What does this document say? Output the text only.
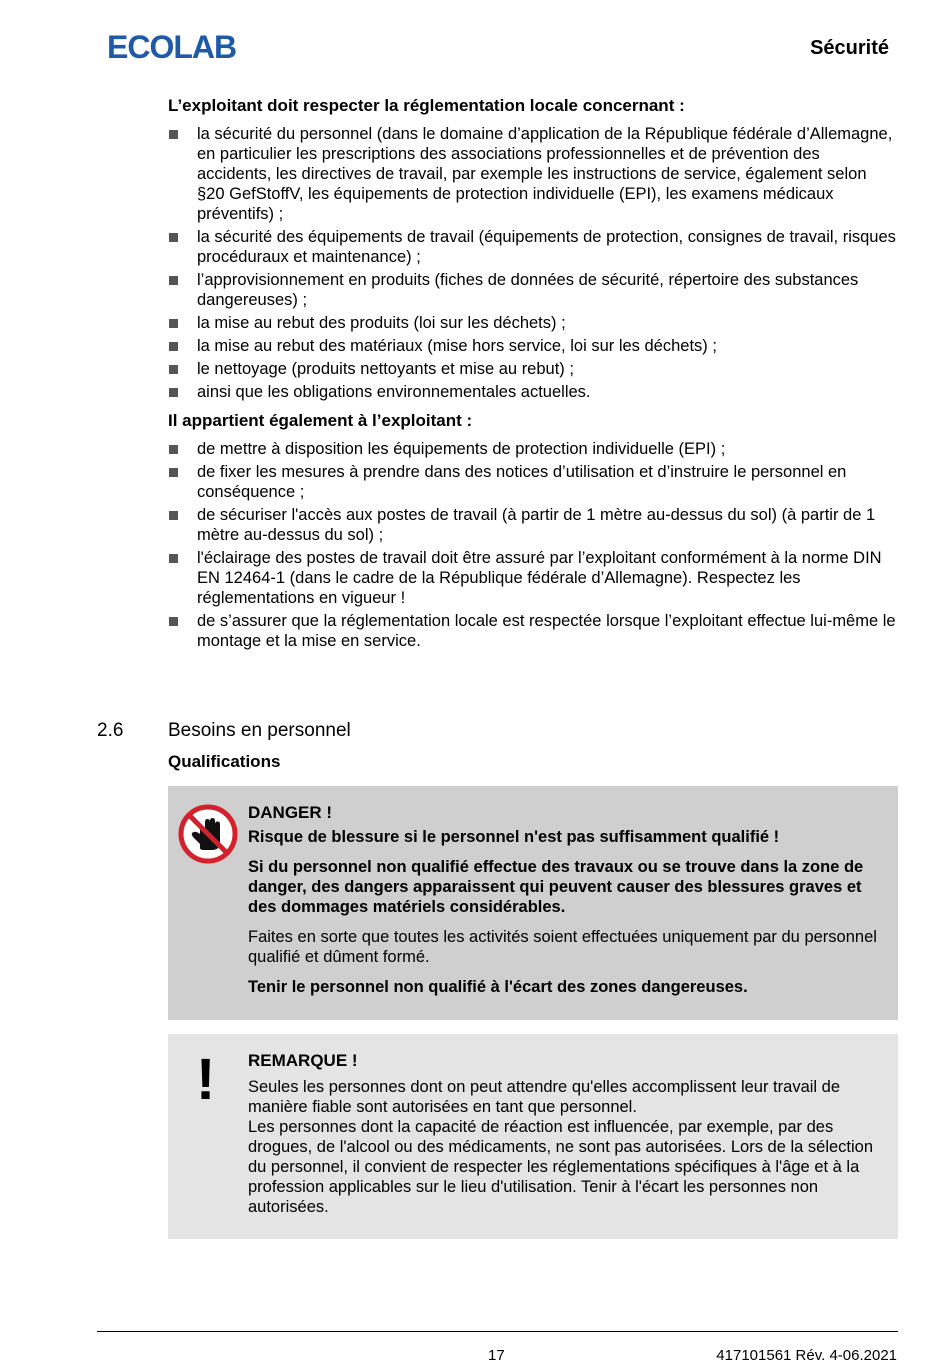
ECOLAB	Sécurité
L’exploitant doit respecter la réglementation locale concernant :
la sécurité du personnel (dans le domaine d’application de la République fédérale d’Allemagne, en particulier les prescriptions des associations professionnelles et de prévention des accidents, les directives de travail, par exemple les instructions de service, également selon §20 GefStoffV, les équipements de protection individuelle (EPI), les examens médicaux préventifs) ;
la sécurité des équipements de travail (équipements de protection, consignes de travail, risques procéduraux et maintenance) ;
l’approvisionnement en produits (fiches de données de sécurité, répertoire des substances dangereuses) ;
la mise au rebut des produits (loi sur les déchets) ;
la mise au rebut des matériaux (mise hors service, loi sur les déchets) ;
le nettoyage (produits nettoyants et mise au rebut) ;
ainsi que les obligations environnementales actuelles.
Il appartient également à l’exploitant :
de mettre à disposition les équipements de protection individuelle (EPI) ;
de fixer les mesures à prendre dans des notices d’utilisation et d’instruire le personnel en conséquence ;
de sécuriser l'accès aux postes de travail (à partir de 1 mètre au-dessus du sol) (à partir de 1 mètre au-dessus du sol) ;
l'éclairage des postes de travail doit être assuré par l’exploitant conformément à la norme DIN EN 12464-1 (dans le cadre de la République fédérale d’Allemagne). Respectez les réglementations en vigueur !
de s’assurer que la réglementation locale est respectée lorsque l’exploitant effectue lui-même le montage et la mise en service.
2.6 Besoins en personnel
Qualifications

DANGER !

Risque de blessure si le personnel n'est pas suffisamment qualifié !

Si du personnel non qualifié effectue des travaux ou se trouve dans la zone de danger, des dangers apparaissent qui peuvent causer des blessures graves et des dommages matériels considérables.

Faites en sorte que toutes les activités soient effectuées uniquement par du personnel qualifié et dûment formé.

Tenir le personnel non qualifié à l'écart des zones dangereuses.

! REMARQUE !

Seules les personnes dont on peut attendre qu'elles accomplissent leur travail de manière fiable sont autorisées en tant que personnel.

Les personnes dont la capacité de réaction est influencée, par exemple, par des drogues, de l'alcool ou des médicaments, ne sont pas autorisées. Lors de la sélection du personnel, il convient de respecter les réglementations spécifiques à l'âge et à la profession applicables sur le lieu d'utilisation. Tenir à l'écart les personnes non autorisées.

17	417101561 Rév. 4-06.2021
